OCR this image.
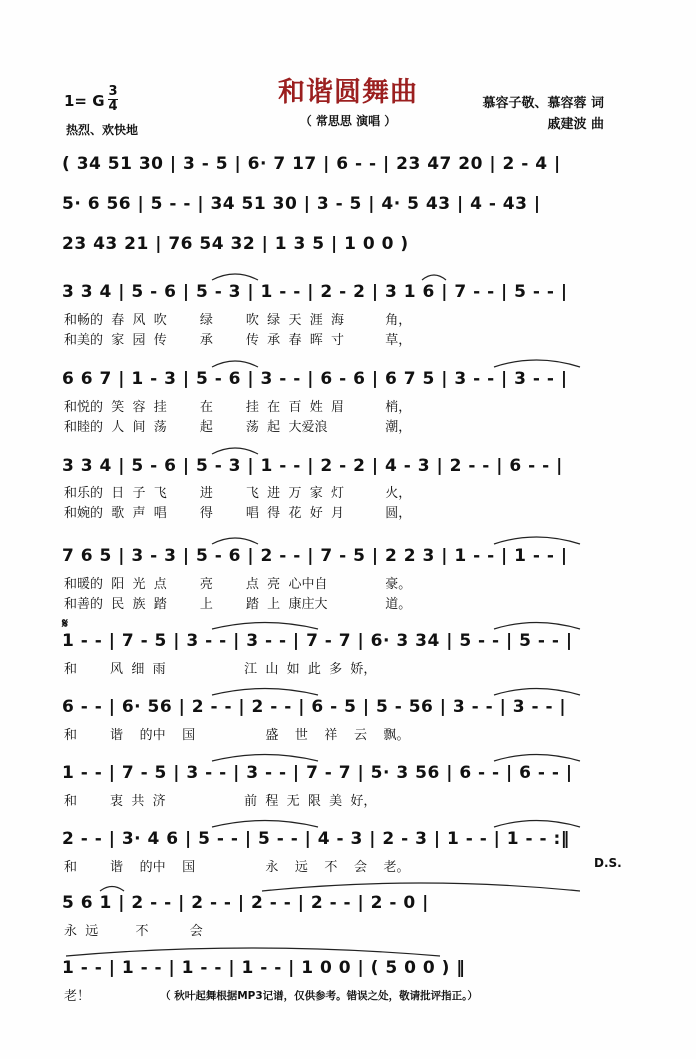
和谐圆舞曲
（ 常思思 演唱 ）
1= G
3
4
热烈、欢快地
慕容子敬、慕容蓉 词
戚建波 曲
( 34 51 30 | 3 - 5 | 6· 7 17 | 6 - - | 23 47 20 | 2 - 4 |
5· 6 56 | 5 - - | 34 51 30 | 3 - 5 | 4· 5 43 | 4 - 43 |
23 43 21 | 76 54 32 | 1 3 5 | 1 0 0 )
3 3 4 | 5 - 6 | 5 - 3 | 1 - - | 2 - 2 | 3 1 6 | 7 - - | 5 - - |
和畅的  春  风  吹        绿        吹  绿  天  涯  海          角，
和美的  家  园  传        承        传  承  春  晖  寸          草，
6 6 7 | 1 - 3 | 5 - 6 | 3 - - | 6 - 6 | 6 7 5 | 3 - - | 3 - - |
和悦的  笑  容  挂        在        挂  在  百  姓  眉          梢，
和睦的  人  间  荡        起        荡  起  大爱浪              潮，
3 3 4 | 5 - 6 | 5 - 3 | 1 - - | 2 - 2 | 4 - 3 | 2 - - | 6 - - |
和乐的  日  子  飞        进        飞  进  万  家  灯          火，
和婉的  歌  声  唱        得        唱  得  花  好  月          圆，
7 6 5 | 3 - 3 | 5 - 6 | 2 - - | 7 - 5 | 2 2 3 | 1 - - | 1 - - |
和暖的  阳  光  点        亮        点  亮  心中自              豪。
和善的  民  族  踏        上        踏  上  康庄大              道。
𝄋
1 - - | 7 - 5 | 3 - - | 3 - - | 7 - 7 | 6· 3 34 | 5 - - | 5 - - |
和        风  细  雨                   江  山  如  此  多  娇，
6 - - | 6· 56 | 2 - - | 2 - - | 6 - 5 | 5 - 56 | 3 - - | 3 - - |
和        谐    的中    国                 盛    世    祥    云    飘。
1 - - | 7 - 5 | 3 - - | 3 - - | 7 - 7 | 5· 3 56 | 6 - - | 6 - - |
和        衷  共  济                   前  程  无  限  美  好，
2 - - | 3· 4 6 | 5 - - | 5 - - | 4 - 3 | 2 - 3 | 1 - - | 1 - - :‖
和        谐    的中    国                 永    远    不    会    老。	D.S.
5 6 1 | 2 - - | 2 - - | 2 - - | 2 - - | 2 - 0 |
永  远         不          会
1 - - | 1 - - | 1 - - | 1 - - | 1 0 0 | ( 5 0 0 ) ‖
老！	（ 秋叶起舞根据MP3记谱，仅供参考。错误之处，敬请批评指正。）
